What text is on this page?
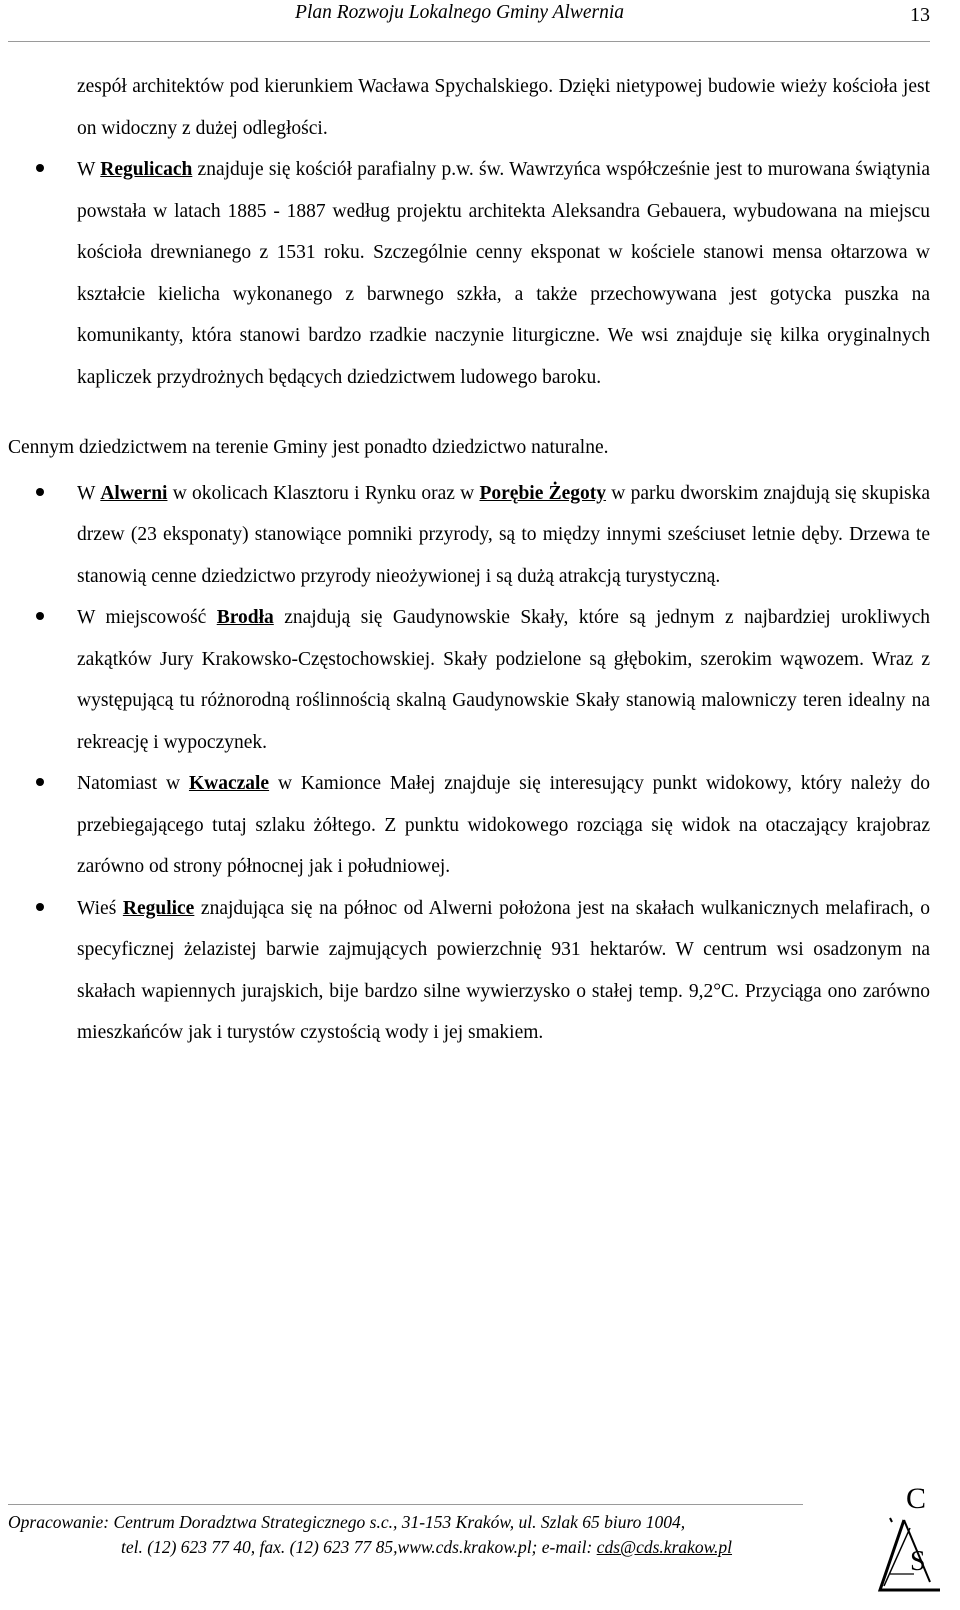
Plan Rozwoju Lokalnego Gminy Alwernia	13

zespół architektów pod kierunkiem Wacława Spychalskiego. Dzięki nietypowej budowie wieży kościoła jest on widoczny z dużej odległości.

W Regulicach znajduje się kościół parafialny p.w. św. Wawrzyńca współcześnie jest to murowana świątynia powstała w latach 1885 - 1887 według projektu architekta Aleksandra Gebauera, wybudowana na miejscu kościoła drewnianego z 1531 roku. Szczególnie cenny eksponat w kościele stanowi mensa ołtarzowa w kształcie kielicha wykonanego z barwnego szkła, a także przechowywana jest gotycka puszka na komunikanty, która stanowi bardzo rzadkie naczynie liturgiczne. We wsi znajduje się kilka oryginalnych kapliczek przydrożnych będących dziedzictwem ludowego baroku.

Cennym dziedzictwem na terenie Gminy jest ponadto dziedzictwo naturalne.

W Alwerni w okolicach Klasztoru i Rynku oraz w Porębie Żegoty w parku dworskim znajdują się skupiska drzew (23 eksponaty) stanowiące pomniki przyrody, są to między innymi sześciuset letnie dęby. Drzewa te stanowią cenne dziedzictwo przyrody nieożywionej i są dużą atrakcją turystyczną.
W miejscowość Brodła znajdują się Gaudynowskie Skały, które są jednym z najbardziej urokliwych zakątków Jury Krakowsko-Częstochowskiej. Skały podzielone są głębokim, szerokim wąwozem. Wraz z występującą tu różnorodną roślinnością skalną Gaudynowskie Skały stanowią malowniczy teren idealny na rekreację i wypoczynek.
Natomiast w Kwaczale w Kamionce Małej znajduje się interesujący punkt widokowy, który należy do przebiegającego tutaj szlaku żółtego. Z punktu widokowego rozciąga się widok na otaczający krajobraz zarówno od strony północnej jak i południowej.
Wieś Regulice znajdująca się na północ od Alwerni położona jest na skałach wulkanicznych melafirach, o specyficznej żelazistej barwie zajmujących powierzchnię 931 hektarów. W centrum wsi osadzonym na skałach wapiennych jurajskich, bije bardzo silne wywierzysko o stałej temp. 9,2°C. Przyciąga ono zarówno mieszkańców jak i turystów czystością wody i jej smakiem.
Opracowanie: Centrum Doradztwa Strategicznego s.c., 31-153 Kraków, ul. Szlak 65 biuro 1004,
tel. (12) 623 77 40, fax. (12) 623 77 85,www.cds.krakow.pl; e-mail: cds@cds.krakow.pl
C
S
